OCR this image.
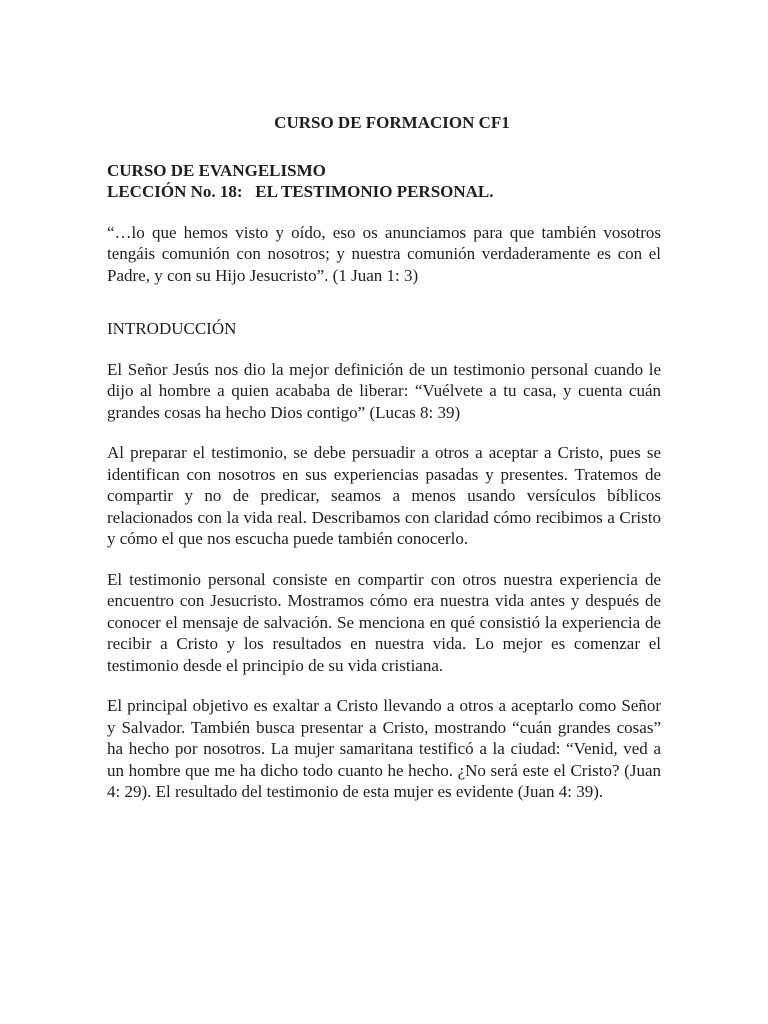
CURSO DE FORMACION CF1

CURSO DE EVANGELISMO
LECCIÓN No. 18:   EL TESTIMONIO PERSONAL.

“…lo que hemos visto y oído, eso os anunciamos para que también vosotros tengáis comunión con nosotros; y nuestra comunión verdaderamente es con el Padre, y con su Hijo Jesucristo”. (1 Juan 1: 3)

INTRODUCCIÓN

El Señor Jesús nos dio la mejor definición de un testimonio personal cuando le dijo al hombre a quien acababa de liberar: “Vuélvete a tu casa, y cuenta cuán grandes cosas ha hecho Dios contigo” (Lucas 8: 39)

Al preparar el testimonio, se debe persuadir a otros a aceptar a Cristo, pues se identifican con nosotros en sus experiencias pasadas y presentes. Tratemos de compartir y no de predicar, seamos a menos usando versículos bíblicos relacionados con la vida real. Describamos con claridad cómo recibimos a Cristo y cómo el que nos escucha puede también conocerlo.

El testimonio personal consiste en compartir con otros nuestra experiencia de encuentro con Jesucristo. Mostramos cómo era nuestra vida antes y después de conocer el mensaje de salvación. Se menciona en qué consistió la experiencia de recibir a Cristo y los resultados en nuestra vida. Lo mejor es comenzar el testimonio desde el principio de su vida cristiana.

El principal objetivo es exaltar a Cristo llevando a otros a aceptarlo como Señor y Salvador. También busca presentar a Cristo, mostrando “cuán grandes cosas” ha hecho por nosotros. La mujer samaritana testificó a la ciudad: “Venid, ved a un hombre que me ha dicho todo cuanto he hecho. ¿No será este el Cristo? (Juan 4: 29). El resultado del testimonio de esta mujer es evidente (Juan 4: 39).
